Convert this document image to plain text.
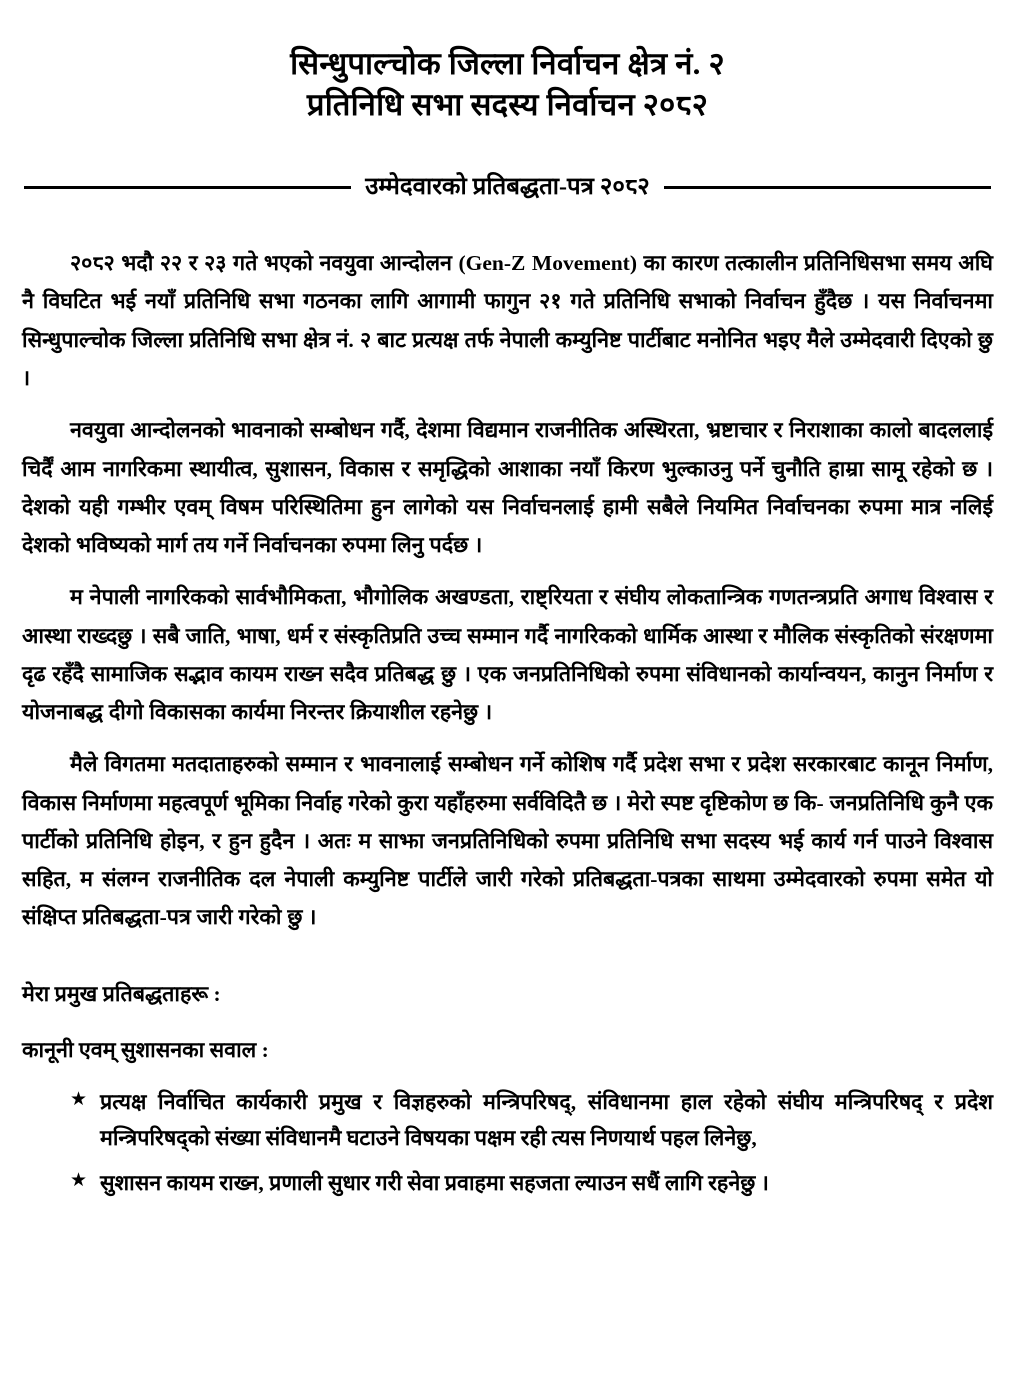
सिन्धुपाल्चोक जिल्ला निर्वाचन क्षेत्र नं. २
प्रतिनिधि सभा सदस्य निर्वाचन २०८२
उम्मेदवारको प्रतिबद्धता-पत्र २०८२

२०८२ भदौ २२ र २३ गते भएको नवयुवा आन्दोलन (Gen-Z Movement) का कारण तत्कालीन प्रतिनिधिसभा समय अघि नै विघटित भई नयाँ प्रतिनिधि सभा गठनका लागि आगामी फागुन २१ गते प्रतिनिधि सभाको निर्वाचन हुँदैछ । यस निर्वाचनमा सिन्धुपाल्चोक जिल्ला प्रतिनिधि सभा क्षेत्र नं. २ बाट प्रत्यक्ष तर्फ नेपाली कम्युनिष्ट पार्टीबाट मनोनित भइए मैले उम्मेदवारी दिएको छु ।

नवयुवा आन्दोलनको भावनाको सम्बोधन गर्दै, देशमा विद्यमान राजनीतिक अस्थिरता, भ्रष्टाचार र निराशाका कालो बादललाई चिर्दैं आम नागरिकमा स्थायीत्व, सुशासन, विकास र समृद्धिको आशाका नयाँ किरण भुल्काउनु पर्ने चुनौति हाम्रा सामू रहेको छ । देशको यही गम्भीर एवम् विषम परिस्थितिमा हुन लागेको यस निर्वाचनलाई हामी सबैले नियमित निर्वाचनका रुपमा मात्र नलिई देशको भविष्यको मार्ग तय गर्ने निर्वाचनका रुपमा लिनु पर्दछ ।

म नेपाली नागरिकको सार्वभौमिकता, भौगोलिक अखण्डता, राष्ट्रियता र संघीय लोकतान्त्रिक गणतन्त्रप्रति अगाध विश्वास र आस्था राख्दछु । सबै जाति, भाषा, धर्म र संस्कृतिप्रति उच्च सम्मान गर्दै नागरिकको धार्मिक आस्था र मौलिक संस्कृतिको संरक्षणमा दृढ रहँदै सामाजिक सद्भाव कायम राख्न सदैव प्रतिबद्ध छु । एक जनप्रतिनिधिको रुपमा संविधानको कार्यान्वयन, कानुन निर्माण र योजनाबद्ध दीगो विकासका कार्यमा निरन्तर क्रियाशील रहनेछु ।

मैले विगतमा मतदाताहरुको सम्मान र भावनालाई सम्बोधन गर्ने कोशिष गर्दै प्रदेश सभा र प्रदेश सरकारबाट कानून निर्माण, विकास निर्माणमा महत्वपूर्ण भूमिका निर्वाह गरेको कुरा यहाँहरुमा सर्वविदितै छ । मेरो स्पष्ट दृष्टिकोण छ कि- जनप्रतिनिधि कुनै एक पार्टीको प्रतिनिधि होइन, र हुन हुदैन । अतः म साझा जनप्रतिनिधिको रुपमा प्रतिनिधि सभा सदस्य भई कार्य गर्न पाउने विश्वास सहित, म संलग्न राजनीतिक दल नेपाली कम्युनिष्ट पार्टीले जारी गरेको प्रतिबद्धता-पत्रका साथमा उम्मेदवारको रुपमा समेत यो संक्षिप्त प्रतिबद्धता-पत्र जारी गरेको छु ।

मेरा प्रमुख प्रतिबद्धताहरू :
कानूनी एवम् सुशासनका सवाल :
★ प्रत्यक्ष निर्वाचित कार्यकारी प्रमुख र विज्ञहरुको मन्त्रिपरिषद्, संविधानमा हाल रहेको संघीय मन्त्रिपरिषद् र प्रदेश मन्त्रिपरिषद्को संख्या संविधानमै घटाउने विषयका पक्षम रही त्यस निणयार्थ पहल लिनेछु,
★ सुशासन कायम राख्न, प्रणाली सुधार गरी सेवा प्रवाहमा सहजता ल्याउन सधैं लागि रहनेछु ।
